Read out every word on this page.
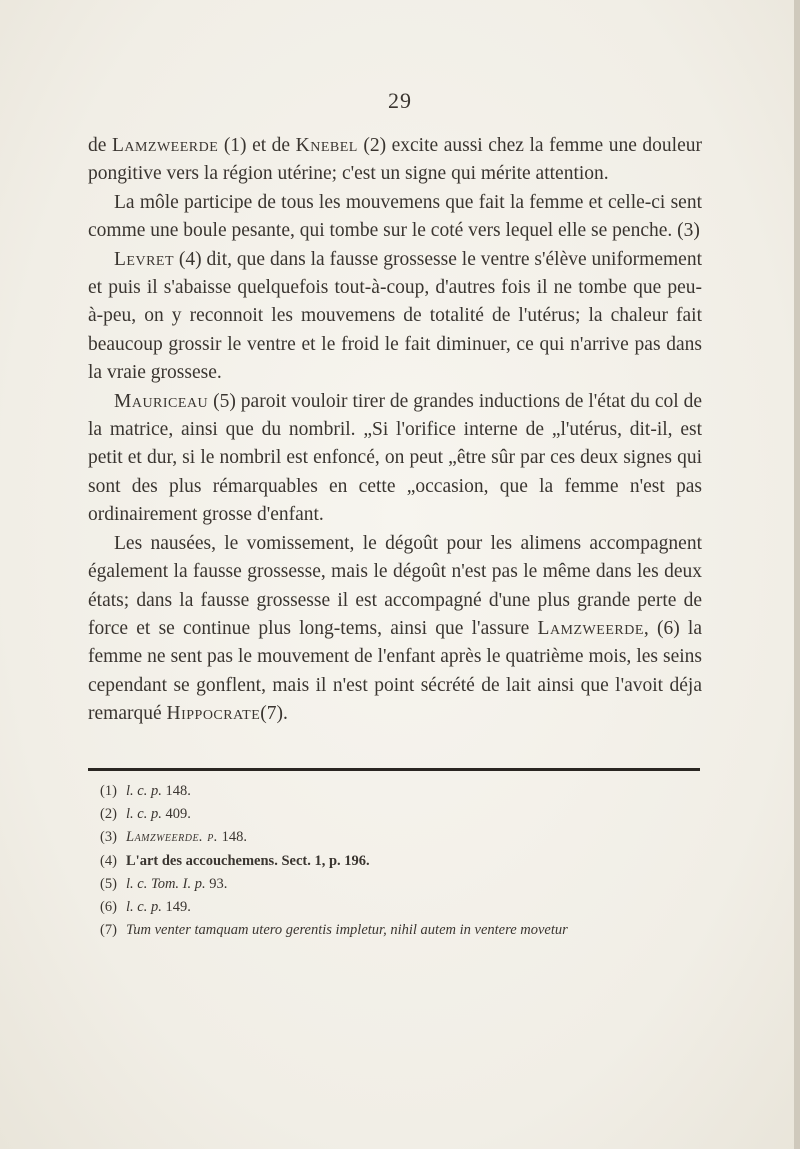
29

de Lamzweerde (1) et de Knebel (2) excite aussi chez la femme une douleur pongitive vers la région utérine; c'est un signe qui mérite attention.

La môle participe de tous les mouvemens que fait la femme et celle-ci sent comme une boule pesante, qui tombe sur le coté vers lequel elle se penche. (3)

Levret (4) dit, que dans la fausse grossesse le ventre s'élève uniformement et puis il s'abaisse quelquefois tout-à-coup, d'autres fois il ne tombe que peu-à-peu, on y reconnoit les mouvemens de totalité de l'utérus; la chaleur fait beaucoup grossir le ventre et le froid le fait diminuer, ce qui n'arrive pas dans la vraie grossese.

Mauriceau (5) paroit vouloir tirer de grandes inductions de l'état du col de la matrice, ainsi que du nombril. „Si l'orifice interne de „l'utérus, dit-il, est petit et dur, si le nombril est enfoncé, on peut „être sûr par ces deux signes qui sont des plus rémarquables en cette „occasion, que la femme n'est pas ordinairement grosse d'enfant.

Les nausées, le vomissement, le dégoût pour les alimens accompagnent également la fausse grossesse, mais le dégoût n'est pas le même dans les deux états; dans la fausse grossesse il est accompagné d'une plus grande perte de force et se continue plus long-tems, ainsi que l'assure Lamzweerde, (6) la femme ne sent pas le mouvement de l'enfant après le quatrième mois, les seins cependant se gonflent, mais il n'est point sécrété de lait ainsi que l'avoit déja remarqué Hippocrate(7).

(1) l. c. p. 148.
(2) l. c. p. 409.
(3) Lamzweerde. p. 148.
(4) L'art des accouchemens. Sect. 1, p. 196.
(5) l. c. Tom. I. p. 93.
(6) l. c. p. 149.
(7) Tum venter tamquam utero gerentis impletur, nihil autem in ventere movetur
